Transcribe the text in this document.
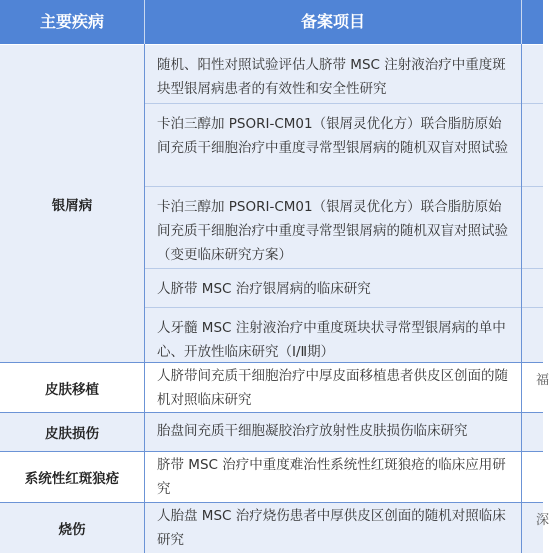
主要疾病	备案项目
银屑病
随机、阳性对照试验评估人脐带 MSC 注射液治疗中重度斑块型银屑病患者的有效性和安全性研究
卡泊三醇加 PSORI-CM01（银屑灵优化方）联合脂肪原始间充质干细胞治疗中重度寻常型银屑病的随机双盲对照试验
卡泊三醇加 PSORI-CM01（银屑灵优化方）联合脂肪原始间充质干细胞治疗中重度寻常型银屑病的随机双盲对照试验（变更临床研究方案）
人脐带 MSC 治疗银屑病的临床研究
人牙髓 MSC 注射液治疗中重度斑块状寻常型银屑病的单中心、开放性临床研究（Ⅰ/Ⅱ期）
皮肤移植
人脐带间充质干细胞治疗中厚皮面移植患者供皮区创面的随机对照临床研究
福
皮肤损伤	胎盘间充质干细胞凝胶治疗放射性皮肤损伤临床研究
系统性红斑狼疮
脐带 MSC 治疗中重度难治性系统性红斑狼疮的临床应用研究
烧伤
人胎盘 MSC 治疗烧伤患者中厚供皮区创面的随机对照临床研究
深
